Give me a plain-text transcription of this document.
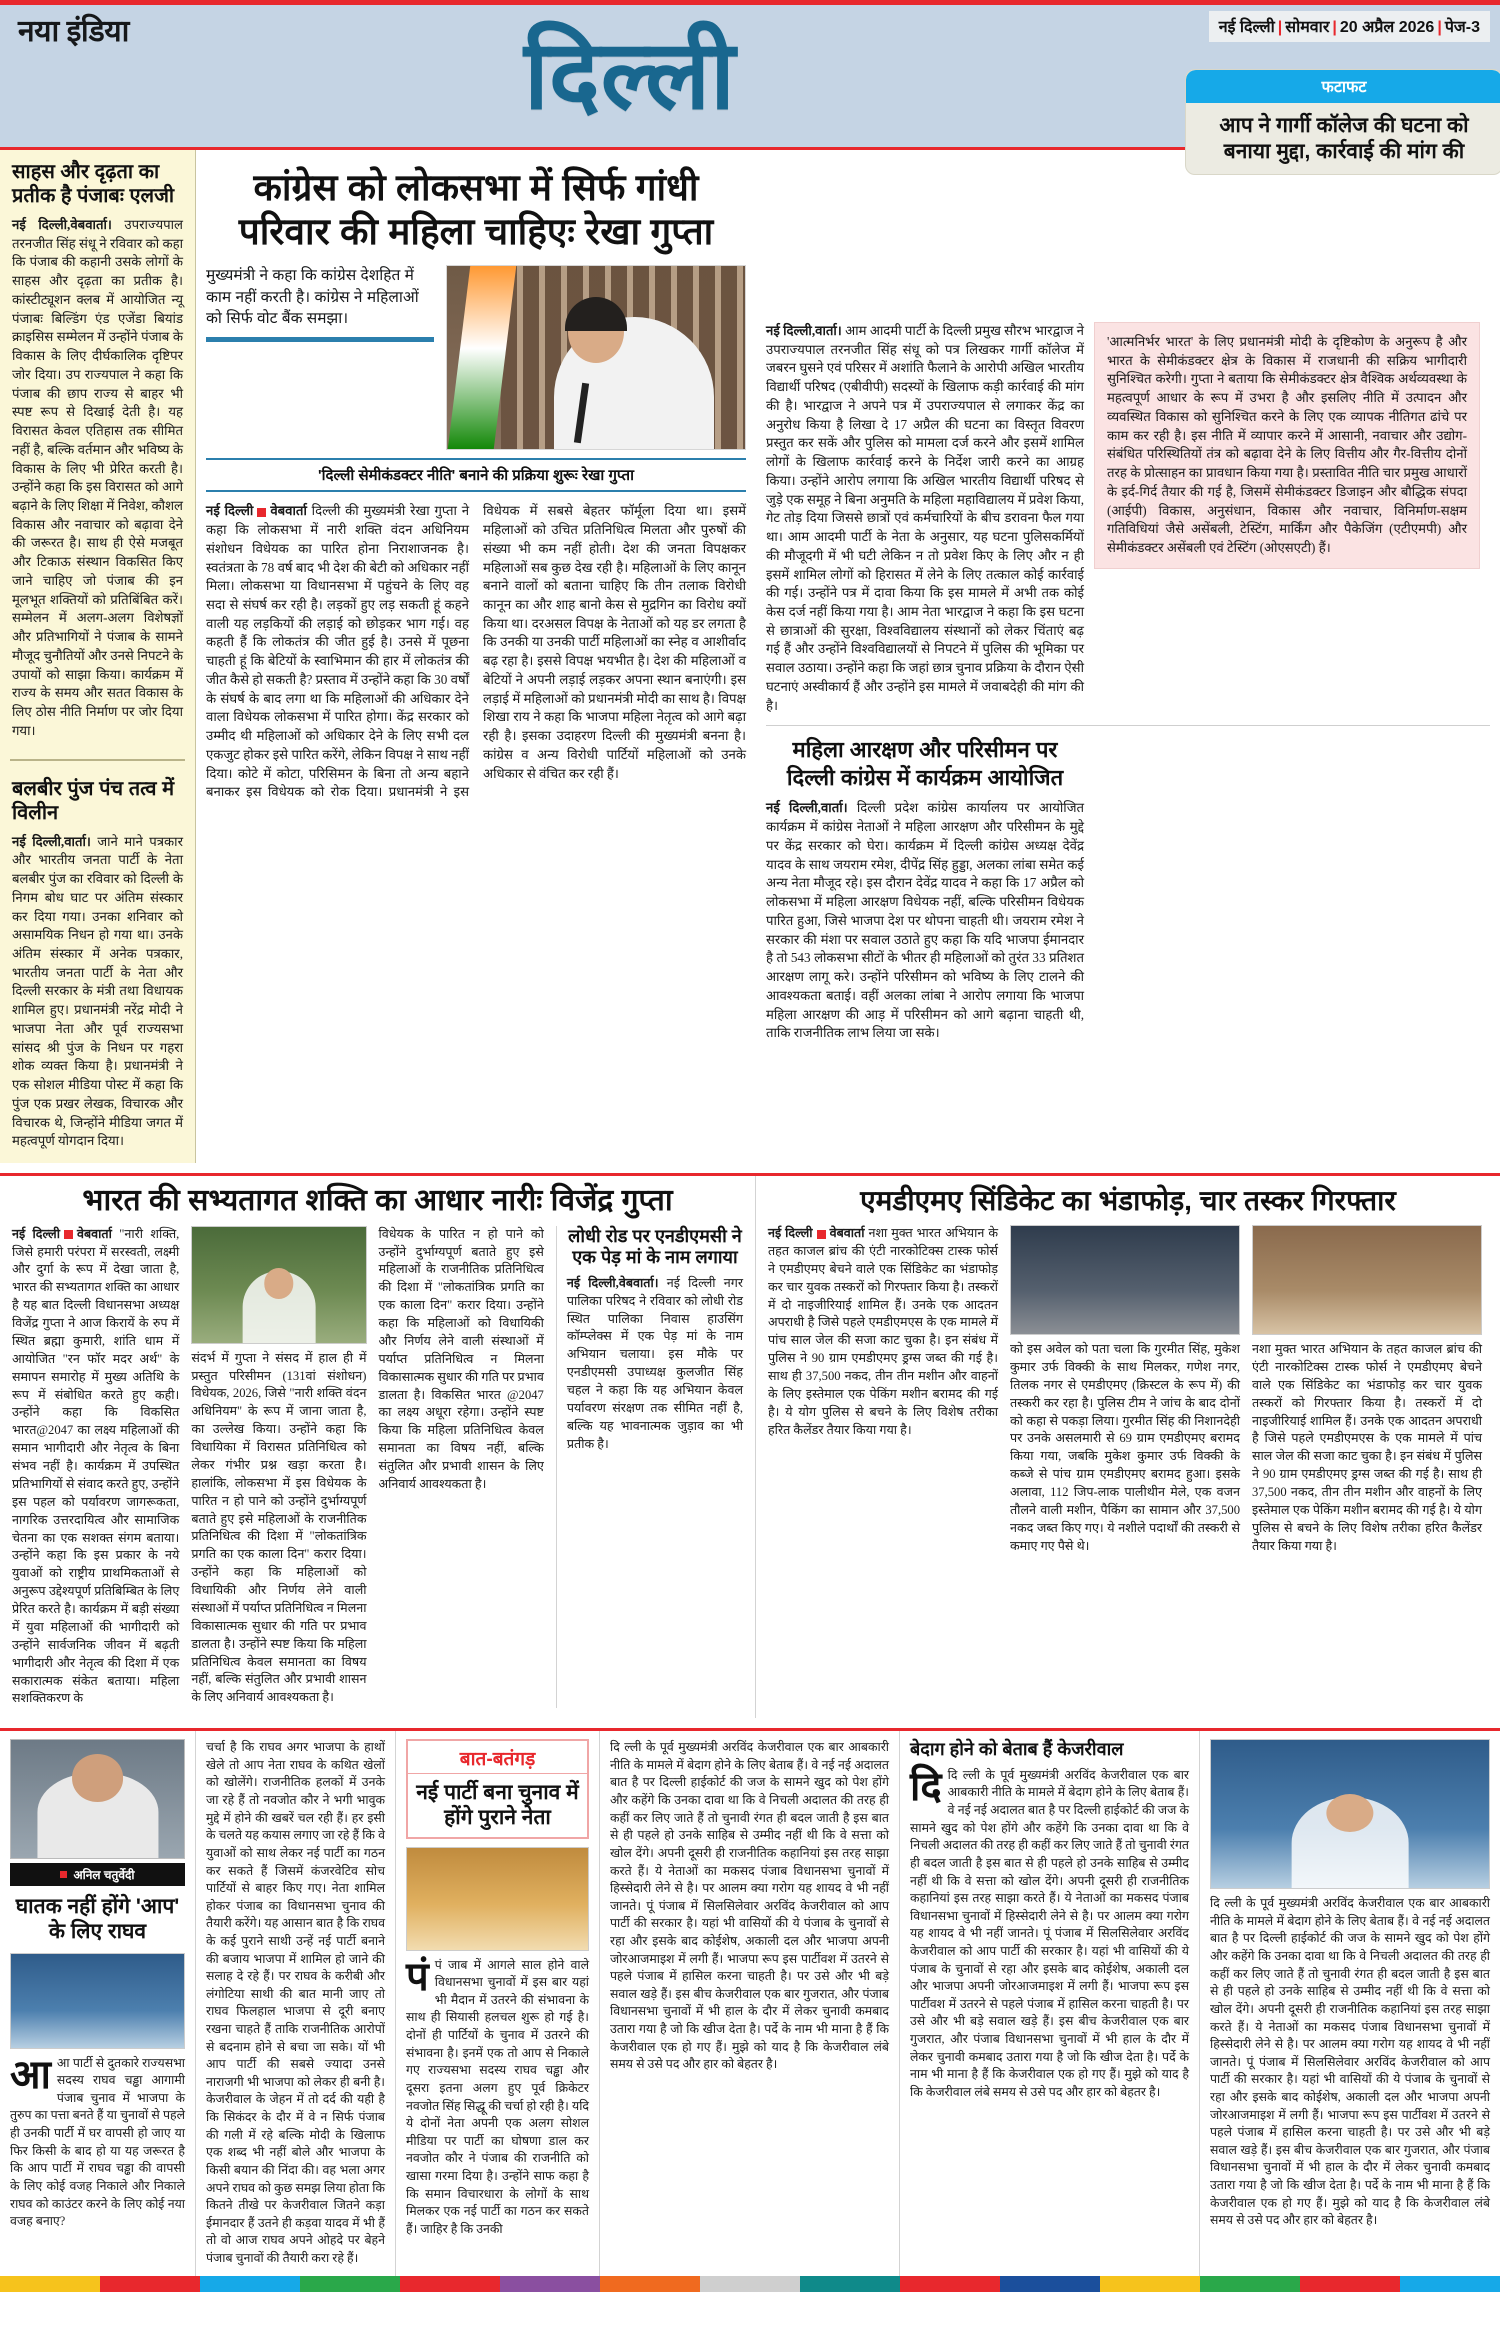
नया इंडिया	दिल्ली	नई दिल्ली | सोमवार | 20 अप्रैल 2026 | पेज-3
फटाफट
आप ने गार्गी कॉलेज की घटना को बनाया मुद्दा, कार्रवाई की मांग की
साहस और दृढ़ता का प्रतीक है पंजाबः एलजी

नई दिल्ली,वेबवार्ता। उपराज्यपाल तरनजीत सिंह संधू ने रविवार को कहा कि पंजाब की कहानी उसके लोगों के साहस और दृढ़ता का प्रतीक है। कांस्टीट्यूशन क्लब में आयोजित न्यू पंजाबः बिल्डिंग एंड एजेंडा बियांड क्राइसिस सम्मेलन में उन्होंने पंजाब के विकास के लिए दीर्घकालिक दृष्टिपर जोर दिया। उप राज्यपाल ने कहा कि पंजाब की छाप राज्य से बाहर भी स्पष्ट रूप से दिखाई देती है। यह विरासत केवल एतिहास तक सीमित नहीं है, बल्कि वर्तमान और भविष्य के विकास के लिए भी प्रेरित करती है। उन्होंने कहा कि इस विरासत को आगे बढ़ाने के लिए शिक्षा में निवेश, कौशल विकास और नवाचार को बढ़ावा देने की जरूरत है। साथ ही ऐसे मजबूत और टिकाऊ संस्थान विकसित किए जाने चाहिए जो पंजाब की इन मूलभूत शक्तियों को प्रतिबिंबित करें। सम्मेलन में अलग-अलग विशेषज्ञों और प्रतिभागियों ने पंजाब के सामने मौजूद चुनौतियों और उनसे निपटने के उपायों को साझा किया। कार्यक्रम में राज्य के समय और सतत विकास के लिए ठोस नीति निर्माण पर जोर दिया गया।

बलबीर पुंज पंच तत्व में विलीन

नई दिल्ली,वार्ता। जाने माने पत्रकार और भारतीय जनता पार्टी के नेता बलबीर पुंज का रविवार को दिल्ली के निगम बोध घाट पर अंतिम संस्कार कर दिया गया। उनका शनिवार को असामयिक निधन हो गया था। उनके अंतिम संस्कार में अनेक पत्रकार, भारतीय जनता पार्टी के नेता और दिल्ली सरकार के मंत्री तथा विधायक शामिल हुए। प्रधानमंत्री नरेंद्र मोदी ने भाजपा नेता और पूर्व राज्यसभा सांसद श्री पुंज के निधन पर गहरा शोक व्यक्त किया है। प्रधानमंत्री ने एक सोशल मीडिया पोस्ट में कहा कि पुंज एक प्रखर लेखक, विचारक और विचारक थे, जिन्होंने मीडिया जगत में महत्वपूर्ण योगदान दिया।

कांग्रेस को लोकसभा में सिर्फ गांधी परिवार की महिला चाहिएः रेखा गुप्ता
मुख्यमंत्री ने कहा कि कांग्रेस देशहित में काम नहीं करती है। कांग्रेस ने महिलाओं को सिर्फ वोट बैंक समझा।
'दिल्ली सेमीकंडक्टर नीति' बनाने की प्रक्रिया शुरूः रेखा गुप्ता

नई दिल्ली वेबवार्ता दिल्ली की मुख्यमंत्री रेखा गुप्ता ने कहा कि लोकसभा में नारी शक्ति वंदन अधिनियम संशोधन विधेयक का पारित होना निराशाजनक है। स्वतंत्रता के 78 वर्ष बाद भी देश की बेटी को अधिकार नहीं मिला। लोकसभा या विधानसभा में पहुंचने के लिए वह सदा से संघर्ष कर रही है। लड़कों हुए लड़ सकती हूं कहने वाली यह लड़कियों की लड़ाई को छोड़कर भाग गई। वह कहती हैं कि लोकतंत्र की जीत हुई है। उनसे में पूछना चाहती हूं कि बेटियों के स्वाभिमान की हार में लोकतंत्र की जीत कैसे हो सकती है? प्रस्ताव में उन्होंने कहा कि 30 वर्षों के संघर्ष के बाद लगा था कि महिलाओं की अधिकार देने वाला विधेयक लोकसभा में पारित होगा। केंद्र सरकार को उम्मीद थी महिलाओं को अधिकार देने के लिए सभी दल एकजुट होकर इसे पारित करेंगे, लेकिन विपक्ष ने साथ नहीं दिया। कोटे में कोटा, परिसिमन के बिना तो अन्य बहाने बनाकर इस विधेयक को रोक दिया। प्रधानमंत्री ने इस विधेयक में सबसे बेहतर फॉर्मूला दिया था। इसमें महिलाओं को उचित प्रतिनिधित्व मिलता और पुरुषों की संख्या भी कम नहीं होती। देश की जनता विपक्षकर महिलाओं सब कुछ देख रही है। महिलाओं के लिए कानून बनाने वालों को बताना चाहिए कि तीन तलाक विरोधी कानून का और शाह बानो केस से मुद्रगिन का विरोध क्यों किया था। दरअसल विपक्ष के नेताओं को यह डर लगता है कि उनकी या उनकी पार्टी महिलाओं का स्नेह व आशीर्वाद बढ़ रहा है। इससे विपक्ष भयभीत है। देश की महिलाओं व बेटियों ने अपनी लड़ाई लड़कर अपना स्थान बनाएंगी। इस लड़ाई में महिलाओं को प्रधानमंत्री मोदी का साथ है। विपक्ष शिखा राय ने कहा कि भाजपा महिला नेतृत्व को आगे बढ़ा रही है। इसका उदाहरण दिल्ली की मुख्यमंत्री बनना है। कांग्रेस व अन्य विरोधी पार्टियों महिलाओं को उनके अधिकार से वंचित कर रही हैं।

नई दिल्ली,वार्ता। आम आदमी पार्टी के दिल्ली प्रमुख सौरभ भारद्वाज ने उपराज्यपाल तरनजीत सिंह संधू को पत्र लिखकर गार्गी कॉलेज में जबरन घुसने एवं परिसर में अशांति फैलाने के आरोपी अखिल भारतीय विद्यार्थी परिषद (एबीवीपी) सदस्यों के खिलाफ कड़ी कार्रवाई की मांग की है। भारद्वाज ने अपने पत्र में उपराज्यपाल से लगाकर केंद्र का अनुरोध किया है लिखा दे 17 अप्रैल की घटना का विस्तृत विवरण प्रस्तुत कर सकें और पुलिस को मामला दर्ज करने और इसमें शामिल लोगों के खिलाफ कार्रवाई करने के निर्देश जारी करने का आग्रह किया। उन्होंने आरोप लगाया कि अखिल भारतीय विद्यार्थी परिषद से जुड़े एक समूह ने बिना अनुमति के महिला महाविद्यालय में प्रवेश किया, गेट तोड़ दिया जिससे छात्रों एवं कर्मचारियों के बीच डरावना फैल गया था। आम आदमी पार्टी के नेता के अनुसार, यह घटना पुलिसकर्मियों की मौजूदगी में भी घटी लेकिन न तो प्रवेश किए के लिए और न ही इसमें शामिल लोगों को हिरासत में लेने के लिए तत्काल कोई कार्रवाई की गई। उन्होंने पत्र में दावा किया कि इस मामले में अभी तक कोई केस दर्ज नहीं किया गया है। आम नेता भारद्वाज ने कहा कि इस घटना से छात्राओं की सुरक्षा, विश्वविद्यालय संस्थानों को लेकर चिंताएं बढ़ गई हैं और उन्होंने विश्वविद्यालयों से निपटने में पुलिस की भूमिका पर सवाल उठाया। उन्होंने कहा कि जहां छात्र चुनाव प्रक्रिया के दौरान ऐसी घटनाएं अस्वीकार्य हैं और उन्होंने इस मामले में जवाबदेही की मांग की है।

'आत्मनिर्भर भारत' के लिए प्रधानमंत्री मोदी के दृष्टिकोण के अनुरूप है और भारत के सेमीकंडक्टर क्षेत्र के विकास में राजधानी की सक्रिय भागीदारी सुनिश्चित करेगी। गुप्ता ने बताया कि सेमीकंडक्टर क्षेत्र वैश्विक अर्थव्यवस्था के महत्वपूर्ण आधार के रूप में उभरा है और इसलिए नीति में उत्पादन और व्यवस्थित विकास को सुनिश्चित करने के लिए एक व्यापक नीतिगत ढांचे पर काम कर रही है। इस नीति में व्यापार करने में आसानी, नवाचार और उद्योग-संबंधित परिस्थितियों तंत्र को बढ़ावा देने के लिए वित्तीय और गैर-वित्तीय दोनों तरह के प्रोत्साहन का प्रावधान किया गया है। प्रस्तावित नीति चार प्रमुख आधारों के इर्द-गिर्द तैयार की गई है, जिसमें सेमीकंडक्टर डिजाइन और बौद्धिक संपदा (आईपी) विकास, अनुसंधान, विकास और नवाचार, विनिर्माण-सक्षम गतिविधियां जैसे असेंबली, टेस्टिंग, मार्किंग और पैकेजिंग (एटीएमपी) और सेमीकंडक्टर असेंबली एवं टेस्टिंग (ओएसएटी) हैं।

महिला आरक्षण और परिसीमन पर दिल्ली कांग्रेस में कार्यक्रम आयोजित

नई दिल्ली,वार्ता। दिल्ली प्रदेश कांग्रेस कार्यालय पर आयोजित कार्यक्रम में कांग्रेस नेताओं ने महिला आरक्षण और परिसीमन के मुद्दे पर केंद्र सरकार को घेरा। कार्यक्रम में दिल्ली कांग्रेस अध्यक्ष देवेंद्र यादव के साथ जयराम रमेश, दीपेंद्र सिंह हुड्डा, अलका लांबा समेत कई अन्य नेता मौजूद रहे। इस दौरान देवेंद्र यादव ने कहा कि 17 अप्रैल को लोकसभा में महिला आरक्षण विधेयक नहीं, बल्कि परिसीमन विधेयक पारित हुआ, जिसे भाजपा देश पर थोपना चाहती थी। जयराम रमेश ने सरकार की मंशा पर सवाल उठाते हुए कहा कि यदि भाजपा ईमानदार है तो 543 लोकसभा सीटों के भीतर ही महिलाओं को तुरंत 33 प्रतिशत आरक्षण लागू करे। उन्होंने परिसीमन को भविष्य के लिए टालने की आवश्यकता बताई। वहीं अलका लांबा ने आरोप लगाया कि भाजपा महिला आरक्षण की आड़ में परिसीमन को आगे बढ़ाना चाहती थी, ताकि राजनीतिक लाभ लिया जा सके।

भारत की सभ्यतागत शक्ति का आधार नारीः विजेंद्र गुप्ता

नई दिल्ली वेबवार्ता "नारी शक्ति, जिसे हमारी परंपरा में सरस्वती, लक्ष्मी और दुर्गा के रूप में देखा जाता है, भारत की सभ्यतागत शक्ति का आधार है यह बात दिल्ली विधानसभा अध्यक्ष विजेंद्र गुप्ता ने आज किरायें के रुप में स्थित ब्रह्मा कुमारी, शांति धाम में आयोजित "रन फॉर मदर अर्थ" के समापन समारोह में मुख्य अतिथि के रूप में संबोधित करते हुए कही। उन्होंने कहा कि विकसित भारत@2047 का लक्ष्य महिलाओं की समान भागीदारी और नेतृत्व के बिना संभव नहीं है। कार्यक्रम में उपस्थित प्रतिभागियों से संवाद करते हुए, उन्होंने इस पहल को पर्यावरण जागरूकता, नागरिक उत्तरदायित्व और सामाजिक चेतना का एक सशक्त संगम बताया। उन्होंने कहा कि इस प्रकार के नये युवाओं को राष्ट्रीय प्राथमिकताओं से अनुरूप उद्देश्यपूर्ण प्रतिबिम्बित के लिए प्रेरित करते है। कार्यक्रम में बड़ी संख्या में युवा महिलाओं की भागीदारी को उन्होंने सार्वजनिक जीवन में बढ़ती भागीदारी और नेतृत्व की दिशा में एक सकारात्मक संकेत बताया। महिला सशक्तिकरण के

संदर्भ में गुप्ता ने संसद में हाल ही में प्रस्तुत परिसीमन (131वां संशोधन) विधेयक, 2026, जिसे "नारी शक्ति वंदन अधिनियम" के रूप में जाना जाता है, का उल्लेख किया। उन्होंने कहा कि विधायिका में विरासत प्रतिनिधित्व को लेकर गंभीर प्रश्न खड़ा करता है। हालांकि, लोकसभा में इस विधेयक के पारित न हो पाने को उन्होंने दुर्भाग्यपूर्ण बताते हुए इसे महिलाओं के राजनीतिक प्रतिनिधित्व की दिशा में "लोकतांत्रिक प्रगति का एक काला दिन" करार दिया। उन्होंने कहा कि महिलाओं को विधायिकी और निर्णय लेने वाली संस्थाओं में पर्याप्त प्रतिनिधित्व न मिलना विकासात्मक सुधार की गति पर प्रभाव डालता है। उन्होंने स्पष्ट किया कि महिला प्रतिनिधित्व केवल समानता का विषय नहीं, बल्कि संतुलित और प्रभावी शासन के लिए अनिवार्य आवश्यकता है।

विधेयक के पारित न हो पाने को उन्होंने दुर्भाग्यपूर्ण बताते हुए इसे महिलाओं के राजनीतिक प्रतिनिधित्व की दिशा में "लोकतांत्रिक प्रगति का एक काला दिन" करार दिया। उन्होंने कहा कि महिलाओं को विधायिकी और निर्णय लेने वाली संस्थाओं में पर्याप्त प्रतिनिधित्व न मिलना विकासात्मक सुधार की गति पर प्रभाव डालता है। विकसित भारत @2047 का लक्ष्य अधूरा रहेगा। उन्होंने स्पष्ट किया कि महिला प्रतिनिधित्व केवल समानता का विषय नहीं, बल्कि संतुलित और प्रभावी शासन के लिए अनिवार्य आवश्यकता है।

लोधी रोड पर एनडीएमसी ने एक पेड़ मां के नाम लगाया

नई दिल्ली,वेबवार्ता। नई दिल्ली नगर पालिका परिषद ने रविवार को लोधी रोड स्थित पालिका निवास हाउसिंग कॉम्प्लेक्स में एक पेड़ मां के नाम अभियान चलाया। इस मौके पर एनडीएमसी उपाध्यक्ष कुलजीत सिंह चहल ने कहा कि यह अभियान केवल पर्यावरण संरक्षण तक सीमित नहीं है, बल्कि यह भावनात्मक जुड़ाव का भी प्रतीक है।

एमडीएमए सिंडिकेट का भंडाफोड़, चार तस्कर गिरफ्तार

नई दिल्ली वेबवार्ता नशा मुक्त भारत अभियान के तहत काजल ब्रांच की एंटी नारकोटिक्स टास्क फोर्स ने एमडीएमए बेचने वाले एक सिंडिकेट का भंडाफोड़ कर चार युवक तस्करों को गिरफ्तार किया है। तस्करों में दो नाइजीरियाई शामिल हैं। उनके एक आदतन अपराधी है जिसे पहले एमडीएमएस के एक मामले में पांच साल जेल की सजा काट चुका है। इन संबंध में पुलिस ने 90 ग्राम एमडीएमए ड्रग्स जब्त की गई है। साथ ही 37,500 नकद, तीन तीन मशीन और वाहनों के लिए इस्तेमाल एक पेकिंग मशीन बरामद की गई है। ये योग पुलिस से बचने के लिए विशेष तरीका हरित कैलेंडर तैयार किया गया है।

को इस अवेल को पता चला कि गुरमीत सिंह, मुकेश कुमार उर्फ विक्की के साथ मिलकर, गणेश नगर, तिलक नगर से एमडीएमए (क्रिस्टल के रूप में) की तस्करी कर रहा है। पुलिस टीम ने जांच के बाद दोनों को कहा से पकड़ा लिया। गुरमीत सिंह की निशानदेही पर उनके असलमारी से 69 ग्राम एमडीएमए बरामद किया गया, जबकि मुकेश कुमार उर्फ विक्की के कब्जे से पांच ग्राम एमडीएमए बरामद हुआ। इसके अलावा, 112 जिप-लाक पालीथीन मेले, एक वजन तौलने वाली मशीन, पैकिंग का सामान और 37,500 नकद जब्त किए गए। ये नशीले पदार्थों की तस्करी से कमाए गए पैसे थे।

नशा मुक्त भारत अभियान के तहत काजल ब्रांच की एंटी नारकोटिक्स टास्क फोर्स ने एमडीएमए बेचने वाले एक सिंडिकेट का भंडाफोड़ कर चार युवक तस्करों को गिरफ्तार किया है। तस्करों में दो नाइजीरियाई शामिल हैं। उनके एक आदतन अपराधी है जिसे पहले एमडीएमएस के एक मामले में पांच साल जेल की सजा काट चुका है। इन संबंध में पुलिस ने 90 ग्राम एमडीएमए ड्रग्स जब्त की गई है। साथ ही 37,500 नकद, तीन तीन मशीन और वाहनों के लिए इस्तेमाल एक पेकिंग मशीन बरामद की गई है। ये योग पुलिस से बचने के लिए विशेष तरीका हरित कैलेंडर तैयार किया गया है।

अनिल चतुर्वेदी
घातक नहीं होंगे 'आप' के लिए राघव

आआ पार्टी से दुतकारे राज्यसभा सदस्य राघव चड्ढा आगामी पंजाब चुनाव में भाजपा के तुरुप का पत्ता बनते हैं या चुनावों से पहले ही उनकी पार्टी में घर वापसी हो जाए या फिर किसी के बाद हो या यह जरूरत है कि आप पार्टी में राघव चड्ढा की वापसी के लिए कोई वजह निकाले और निकाले राघव को काउंटर करने के लिए कोई नया वजह बनाए?

चर्चा है कि राघव अगर भाजपा के हाथों खेले तो आप नेता राघव के कथित खेलों को खोलेंगे। राजनीतिक हलकों में उनके जा रहे हैं तो नवजोत कौर ने भगी भावुक मुद्दे में होने की खबरें चल रही हैं। हर इसी के चलते यह कयास लगाए जा रहे हैं कि वे युवाओं को साथ लेकर नई पार्टी का गठन कर सकते हैं जिसमें कंजरवेटिव सोच पार्टियों से बाहर किए गए। नेता शामिल होकर पंजाब का विधानसभा चुनाव की तैयारी करेंगे। यह आसान बात है कि राघव के कई पुराने साथी उन्हें नई पार्टी बनाने की बजाय भाजपा में शामिल हो जाने की सलाह दे रहे हैं। पर राघव के करीबी और लंगोटिया साथी की बात मानी जाए तो राघव फिलहाल भाजपा से दूरी बनाए रखना चाहते हैं ताकि राजनीतिक आरोपों से बदनाम होने से बचा जा सके। यों भी आप पार्टी की सबसे ज्यादा उनसे नाराजगी भी भाजपा को लेकर ही बनी है। केजरीवाल के जेहन में तो दर्द की यही है कि सिकंदर के दौर में वे न सिर्फ पंजाब की गली में रहे बल्कि मोदी के खिलाफ एक शब्द भी नहीं बोले और भाजपा के किसी बयान की निंदा की। वह भला अगर अपने राघव को कुछ समझ लिया होता कि कितने तीखे पर केजरीवाल जितने कड़ा ईमानदार हैं उतने ही कड़वा यादव में भी हैं तो वो आज राघव अपने ओहदे पर बेहने पंजाब चुनावों की तैयारी करा रहे हैं।

बात-बतंगड़
नई पार्टी बना चुनाव में होंगे पुराने नेता

पंपं जाब में आगले साल होने वाले विधानसभा चुनावों में इस बार यहां भी मैदान में उतरने की संभावना के साथ ही सियासी हलचल शुरू हो गई है। दोनों ही पार्टियों के चुनाव में उतरने की संभावना है। इनमें एक तो आप से निकाले गए राज्यसभा सदस्य राघव चड्ढा और दूसरा इतना अलग हुए पूर्व क्रिकेटर नवजोत सिंह सिद्धू की चर्चा हो रही है। यदि ये दोनों नेता अपनी एक अलग सोशल मीडिया पर पार्टी का घोषणा डाल कर नवजोत कौर ने पंजाब की राजनीति को खासा गरमा दिया है। उन्होंने साफ कहा है कि समान विचारधारा के लोगों के साथ मिलकर एक नई पार्टी का गठन कर सकते हैं। जाहिर है कि उनकी

दि ल्ली के पूर्व मुख्यमंत्री अरविंद केजरीवाल एक बार आबकारी नीति के मामले में बेदाग होने के लिए बेताब हैं। वे नई नई अदालत बात है पर दिल्ली हाईकोर्ट की जज के सामने खुद को पेश होंगे और कहेंगे कि उनका दावा था कि वे निचली अदालत की तरह ही कहीं कर लिए जाते हैं तो चुनावी रंगत ही बदल जाती है इस बात से ही पहले हो उनके साहिब से उम्मीद नहीं थी कि वे सत्ता को खोल देंगे। अपनी दूसरी ही राजनीतिक कहानियां इस तरह साझा करते हैं। ये नेताओं का मकसद पंजाब विधानसभा चुनावों में हिस्सेदारी लेने से है। पर आलम क्या गरोग यह शायद वे भी नहीं जानते। पूं पंजाब में सिलसिलेवार अरविंद केजरीवाल को आप पार्टी की सरकार है। यहां भी वासियों की ये पंजाब के चुनावों से रहा और इसके बाद कोईशेष, अकाली दल और भाजपा अपनी जोरआजमाइश में लगी हैं। भाजपा रूप इस पार्टीवश में उतरने से पहले पंजाब में हासिल करना चाहती है। पर उसे और भी बड़े सवाल खड़े हैं। इस बीच केजरीवाल एक बार गुजरात, और पंजाब विधानसभा चुनावों में भी हाल के दौर में लेकर चुनावी कमबाद उतारा गया है जो कि खीज देता है। पर्दे के नाम भी माना है हैं कि केजरीवाल एक हो गए हैं। मुझे को याद है कि केजरीवाल लंबे समय से उसे पद और हार को बेहतर है।

बेदाग होने को बेताब हैं केजरीवाल

दिदि ल्ली के पूर्व मुख्यमंत्री अरविंद केजरीवाल एक बार आबकारी नीति के मामले में बेदाग होने के लिए बेताब हैं। वे नई नई अदालत बात है पर दिल्ली हाईकोर्ट की जज के सामने खुद को पेश होंगे और कहेंगे कि उनका दावा था कि वे निचली अदालत की तरह ही कहीं कर लिए जाते हैं तो चुनावी रंगत ही बदल जाती है इस बात से ही पहले हो उनके साहिब से उम्मीद नहीं थी कि वे सत्ता को खोल देंगे। अपनी दूसरी ही राजनीतिक कहानियां इस तरह साझा करते हैं। ये नेताओं का मकसद पंजाब विधानसभा चुनावों में हिस्सेदारी लेने से है। पर आलम क्या गरोग यह शायद वे भी नहीं जानते। पूं पंजाब में सिलसिलेवार अरविंद केजरीवाल को आप पार्टी की सरकार है। यहां भी वासियों की ये पंजाब के चुनावों से रहा और इसके बाद कोईशेष, अकाली दल और भाजपा अपनी जोरआजमाइश में लगी हैं। भाजपा रूप इस पार्टीवश में उतरने से पहले पंजाब में हासिल करना चाहती है। पर उसे और भी बड़े सवाल खड़े हैं। इस बीच केजरीवाल एक बार गुजरात, और पंजाब विधानसभा चुनावों में भी हाल के दौर में लेकर चुनावी कमबाद उतारा गया है जो कि खीज देता है। पर्दे के नाम भी माना है हैं कि केजरीवाल एक हो गए हैं। मुझे को याद है कि केजरीवाल लंबे समय से उसे पद और हार को बेहतर है।

दि ल्ली के पूर्व मुख्यमंत्री अरविंद केजरीवाल एक बार आबकारी नीति के मामले में बेदाग होने के लिए बेताब हैं। वे नई नई अदालत बात है पर दिल्ली हाईकोर्ट की जज के सामने खुद को पेश होंगे और कहेंगे कि उनका दावा था कि वे निचली अदालत की तरह ही कहीं कर लिए जाते हैं तो चुनावी रंगत ही बदल जाती है इस बात से ही पहले हो उनके साहिब से उम्मीद नहीं थी कि वे सत्ता को खोल देंगे। अपनी दूसरी ही राजनीतिक कहानियां इस तरह साझा करते हैं। ये नेताओं का मकसद पंजाब विधानसभा चुनावों में हिस्सेदारी लेने से है। पर आलम क्या गरोग यह शायद वे भी नहीं जानते। पूं पंजाब में सिलसिलेवार अरविंद केजरीवाल को आप पार्टी की सरकार है। यहां भी वासियों की ये पंजाब के चुनावों से रहा और इसके बाद कोईशेष, अकाली दल और भाजपा अपनी जोरआजमाइश में लगी हैं। भाजपा रूप इस पार्टीवश में उतरने से पहले पंजाब में हासिल करना चाहती है। पर उसे और भी बड़े सवाल खड़े हैं। इस बीच केजरीवाल एक बार गुजरात, और पंजाब विधानसभा चुनावों में भी हाल के दौर में लेकर चुनावी कमबाद उतारा गया है जो कि खीज देता है। पर्दे के नाम भी माना है हैं कि केजरीवाल एक हो गए हैं। मुझे को याद है कि केजरीवाल लंबे समय से उसे पद और हार को बेहतर है।
